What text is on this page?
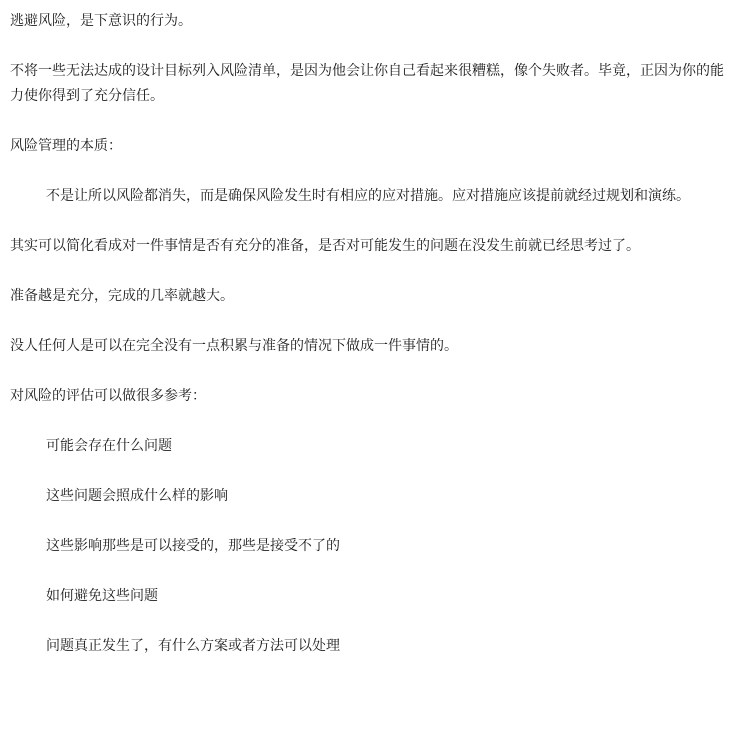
逃避风险，是下意识的行为。

不将一些无法达成的设计目标列入风险清单，是因为他会让你自己看起来很糟糕，像个失败者。毕竟，正因为你的能力使你得到了充分信任。

风险管理的本质：

不是让所以风险都消失，而是确保风险发生时有相应的应对措施。应对措施应该提前就经过规划和演练。

其实可以简化看成对一件事情是否有充分的准备，是否对可能发生的问题在没发生前就已经思考过了。

准备越是充分，完成的几率就越大。

没人任何人是可以在完全没有一点积累与准备的情况下做成一件事情的。

对风险的评估可以做很多参考：

可能会存在什么问题

这些问题会照成什么样的影响

这些影响那些是可以接受的，那些是接受不了的

如何避免这些问题

问题真正发生了，有什么方案或者方法可以处理
